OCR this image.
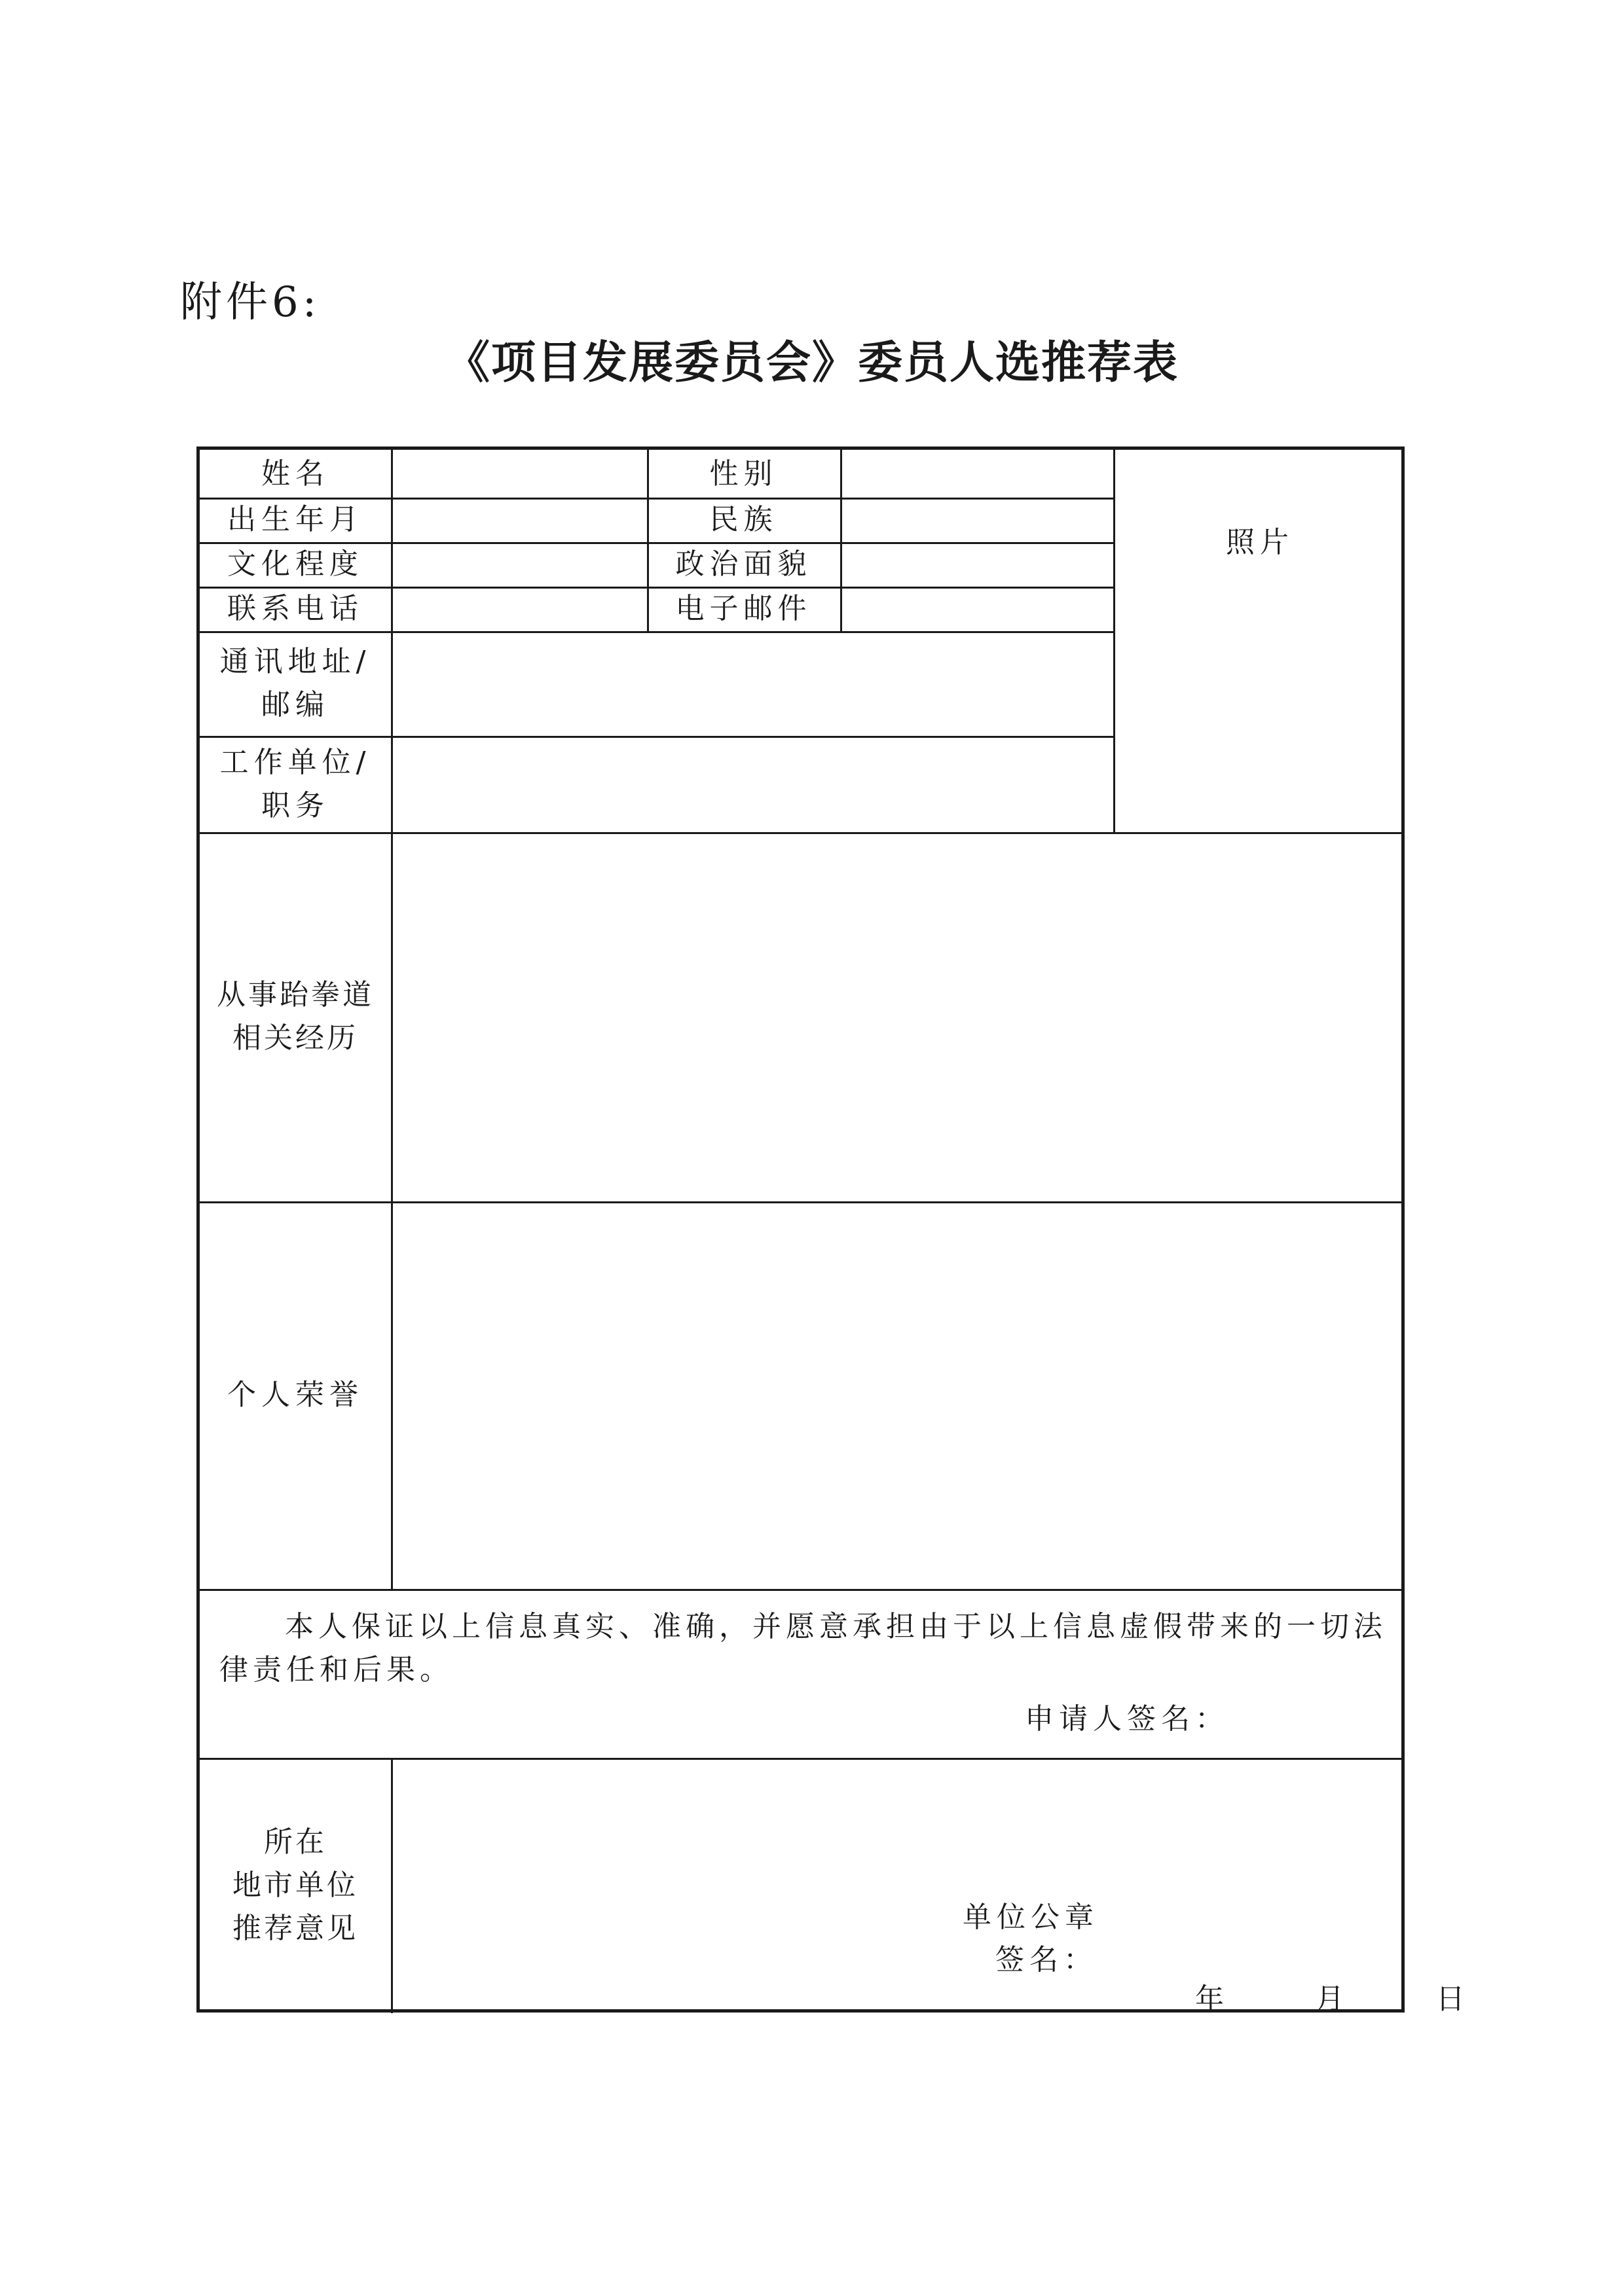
附件6:
《项目发展委员会》委员人选推荐表
姓名	性别
出生年月	民族
文化程度	政治面貌
联系电话	电子邮件
通讯地址/
邮编
工作单位/
职务
照片
从事跆拳道
相关经历
个人荣誉
本人保证以上信息真实、准确，并愿意承担由于以上信息虚假带来的一切法律责任和后果。
申请人签名：
所在
地市单位
推荐意见	单位公章
签名：
年      月      日
